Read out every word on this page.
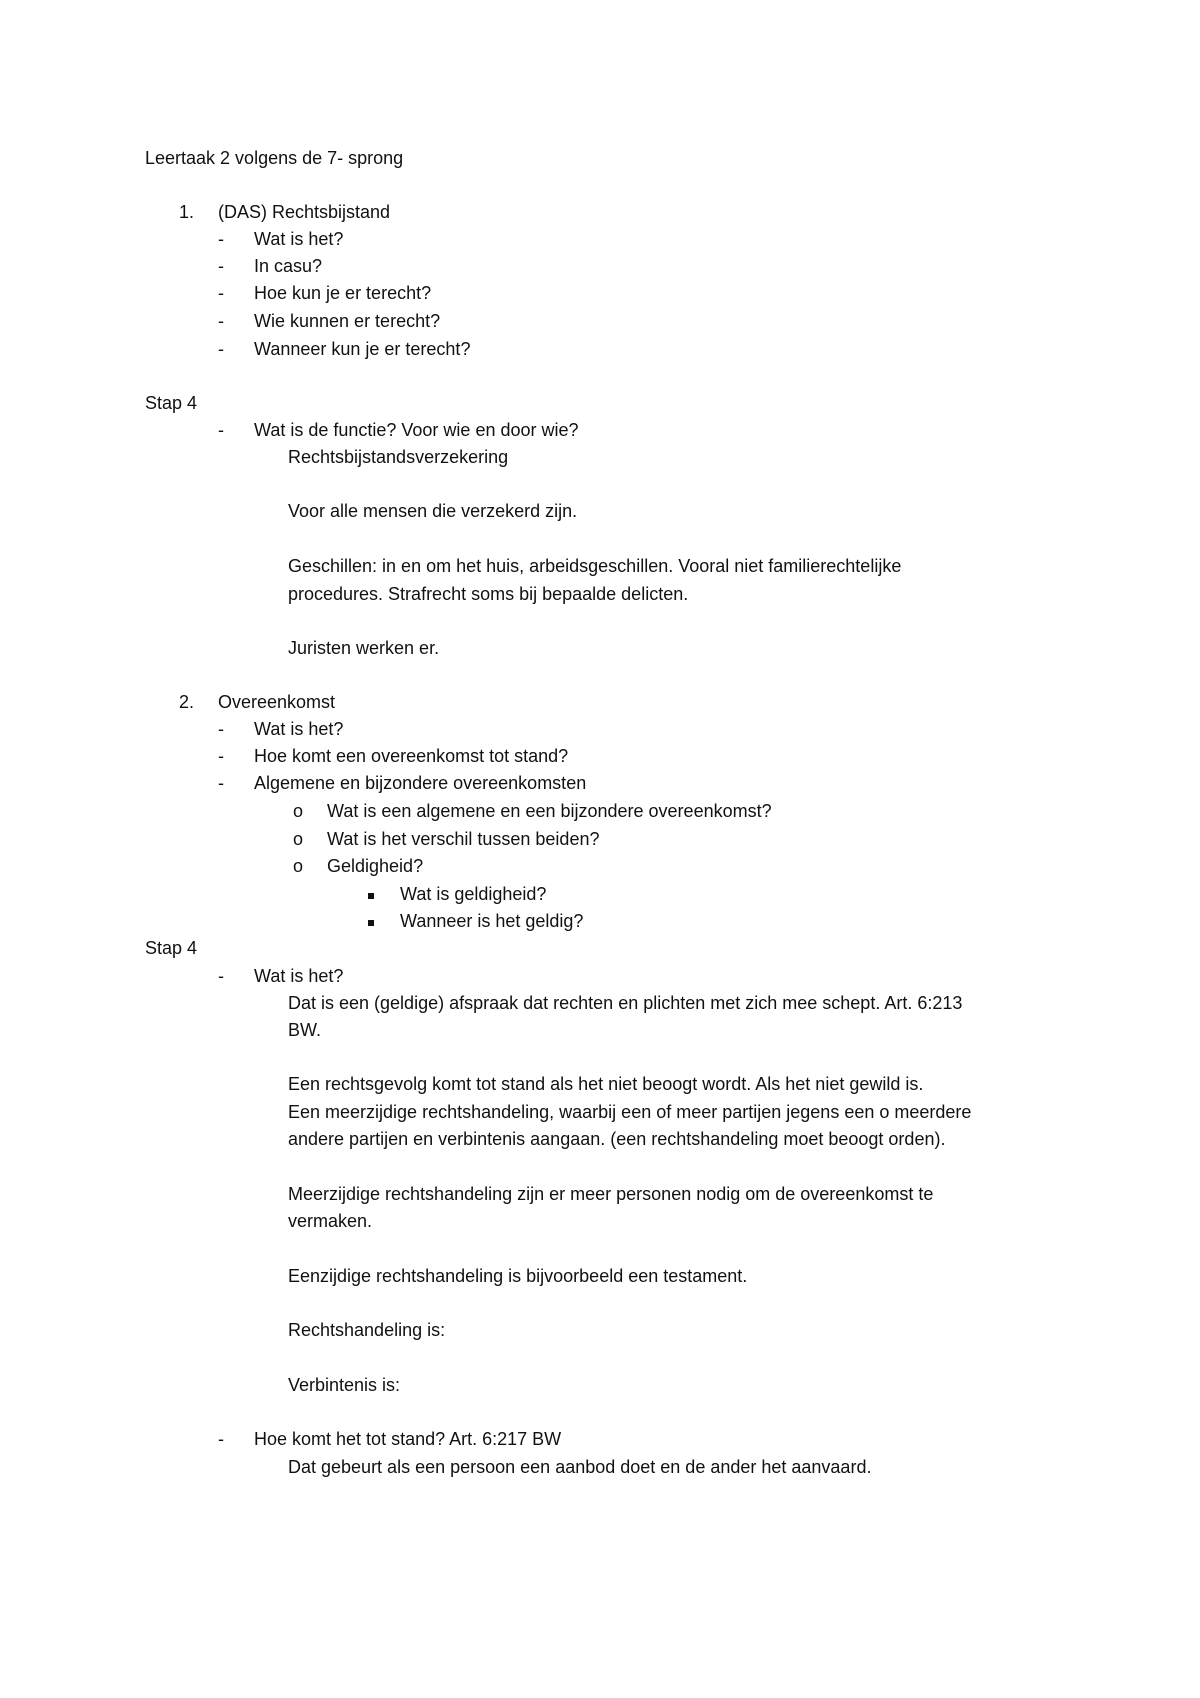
Leertaak 2 volgens de 7- sprong
1. (DAS) Rechtsbijstand
- Wat is het?
- In casu?
- Hoe kun je er terecht?
- Wie kunnen er terecht?
- Wanneer kun je er terecht?
Stap 4
- Wat is de functie? Voor wie en door wie?
Rechtsbijstandsverzekering
Voor alle mensen die verzekerd zijn.
Geschillen: in en om het huis, arbeidsgeschillen. Vooral niet familierechtelijke
procedures. Strafrecht soms bij bepaalde delicten.
Juristen werken er.
2. Overeenkomst
- Wat is het?
- Hoe komt een overeenkomst tot stand?
- Algemene en bijzondere overeenkomsten
o Wat is een algemene en een bijzondere overeenkomst?
o Wat is het verschil tussen beiden?
o Geldigheid?
Wat is geldigheid?
Wanneer is het geldig?
Stap 4
- Wat is het?
Dat is een (geldige) afspraak dat rechten en plichten met zich mee schept. Art. 6:213
BW.
Een rechtsgevolg komt tot stand als het niet beoogt wordt. Als het niet gewild is.
Een meerzijdige rechtshandeling, waarbij een of meer partijen jegens een o meerdere
andere partijen en verbintenis aangaan. (een rechtshandeling moet beoogt orden).
Meerzijdige rechtshandeling zijn er meer personen nodig om de overeenkomst te
vermaken.
Eenzijdige rechtshandeling is bijvoorbeeld een testament.
Rechtshandeling is:
Verbintenis is:
- Hoe komt het tot stand? Art. 6:217 BW
Dat gebeurt als een persoon een aanbod doet en de ander het aanvaard.
